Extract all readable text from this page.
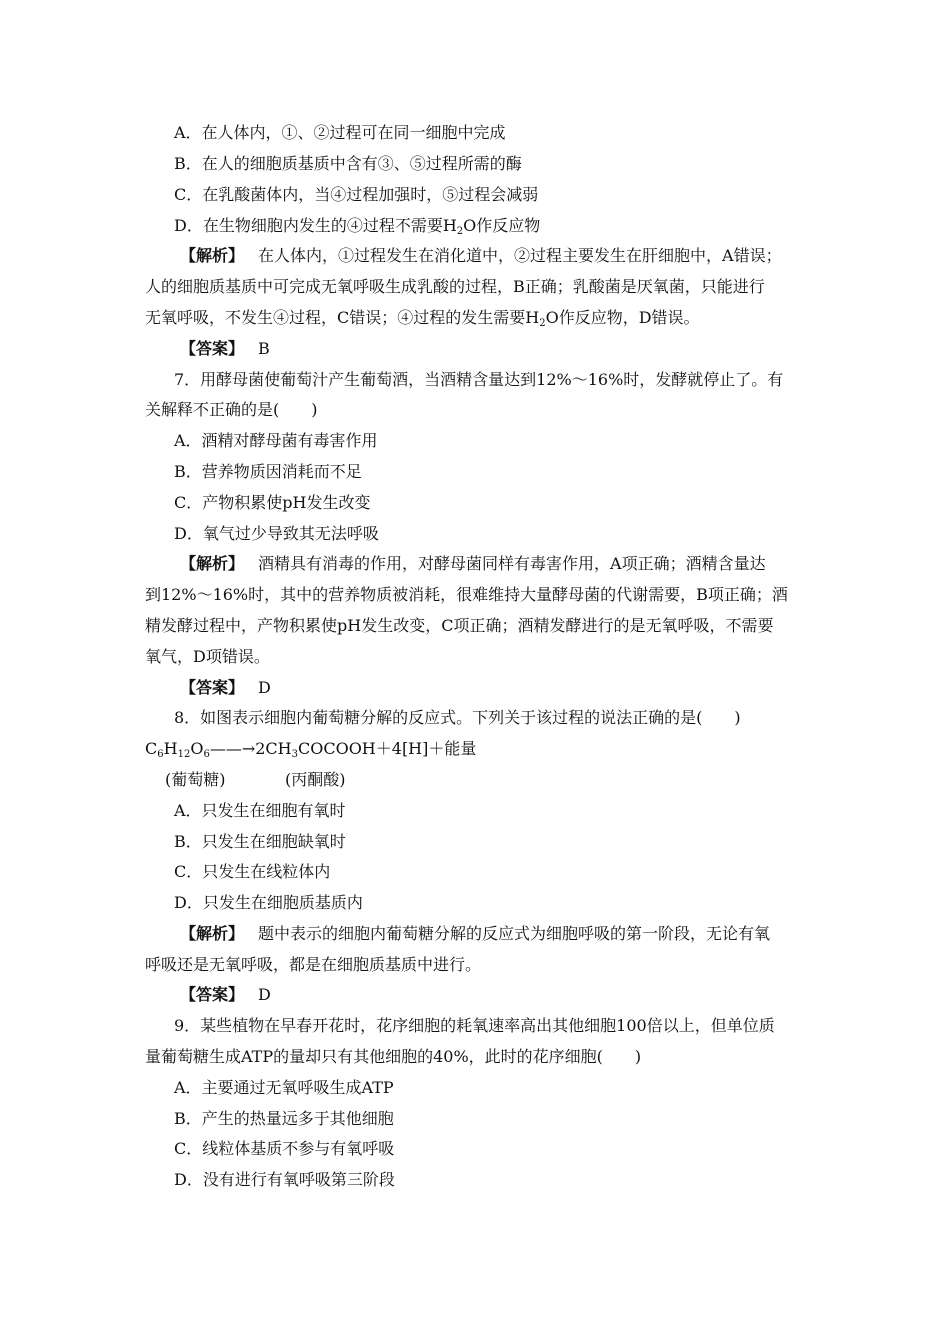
A．在人体内，①、②过程可在同一细胞中完成
B．在人的细胞质基质中含有③、⑤过程所需的酶
C．在乳酸菌体内，当④过程加强时，⑤过程会减弱
D．在生物细胞内发生的④过程不需要$H_2O$作反应物
【解析】 在人体内，①过程发生在消化道中，②过程主要发生在肝细胞中，A错误；
人的细胞质基质中可完成无氧呼吸生成乳酸的过程，B正确；乳酸菌是厌氧菌，只能进行
无氧呼吸，不发生④过程，C错误；④过程的发生需要$H_2O$作反应物，D错误。
【答案】 B
7．用酵母菌使葡萄汁产生葡萄酒，当酒精含量达到12%～16%时，发酵就停止了。有
关解释不正确的是(　　)
A．酒精对酵母菌有毒害作用
B．营养物质因消耗而不足
C．产物积累使pH发生改变
D．氧气过少导致其无法呼吸
【解析】 酒精具有消毒的作用，对酵母菌同样有毒害作用，A项正确；酒精含量达
到12%～16%时，其中的营养物质被消耗，很难维持大量酵母菌的代谢需要，B项正确；酒
精发酵过程中，产物积累使pH发生改变，C项正确；酒精发酵进行的是无氧呼吸，不需要
氧气，D项错误。
【答案】 D
8．如图表示细胞内葡萄糖分解的反应式。下列关于该过程的说法正确的是(　　)
$C_6H_{12}O_6——\to 2CH_3COCOOH+4[H]+$能量
(葡萄糖)	(丙酮酸)
A．只发生在细胞有氧时
B．只发生在细胞缺氧时
C．只发生在线粒体内
D．只发生在细胞质基质内
【解析】 题中表示的细胞内葡萄糖分解的反应式为细胞呼吸的第一阶段，无论有氧
呼吸还是无氧呼吸，都是在细胞质基质中进行。
【答案】 D
9．某些植物在早春开花时，花序细胞的耗氧速率高出其他细胞100倍以上，但单位质
量葡萄糖生成ATP的量却只有其他细胞的40%，此时的花序细胞(　　)
A．主要通过无氧呼吸生成ATP
B．产生的热量远多于其他细胞
C．线粒体基质不参与有氧呼吸
D．没有进行有氧呼吸第三阶段
